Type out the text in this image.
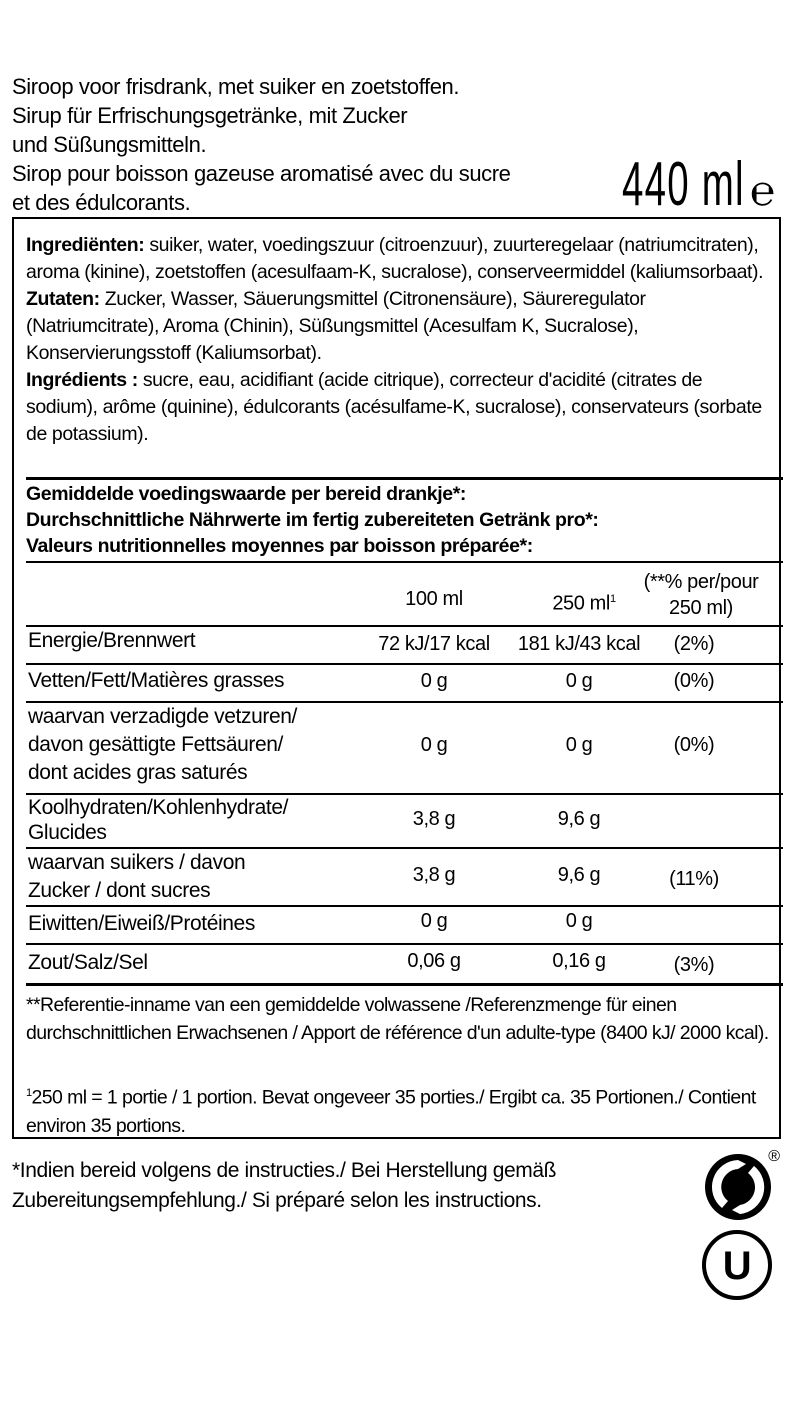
Siroop voor frisdrank, met suiker en zoetstoffen.
Sirup für Erfrischungsgetränke, mit Zucker
und Süßungsmitteln.
Sirop pour boisson gazeuse aromatisé avec du sucre
et des édulcorants.	440 ml ℮

Ingrediënten: suiker, water, voedingszuur (citroenzuur), zuurteregelaar (natriumcitraten), aroma (kinine), zoetstoffen (acesulfaam-K, sucralose), conserveermiddel (kaliumsorbaat).

Zutaten: Zucker, Wasser, Säuerungsmittel (Citronensäure), Säureregulator (Natriumcitrate), Aroma (Chinin), Süßungsmittel (Acesulfam K, Sucralose), Konservierungsstoff (Kaliumsorbat).

Ingrédients : sucre, eau, acidifiant (acide citrique), correcteur d'acidité (citrates de sodium), arôme (quinine), édulcorants (acésulfame-K, sucralose), conservateurs (sorbate de potassium).

Gemiddelde voedingswaarde per bereid drankje*:
Durchschnittliche Nährwerte im fertig zubereiteten Getränk pro*:
Valeurs nutritionnelles moyennes par boisson préparée*:
100 ml	250 $ml^1$
(**% per/pour
250 ml)
Energie/Brennwert	72 kJ/17 kcal	181 kJ/43 kcal	(2%)
Vetten/Fett/Matières grasses	0 g	0 g	(0%)
waarvan verzadigde vetzuren/
davon gesättigte Fettsäuren/
dont acides gras saturés
0 g	0 g	(0%)
Koolhydraten/Kohlenhydrate/
Glucides
3,8 g	9,6 g
waarvan suikers / davon
Zucker / dont sucres
3,8 g	9,6 g	(11%)
Eiwitten/Eiweiß/Protéines	0 g	0 g
Zout/Salz/Sel	0,06 g	0,16 g	(3%)
**Referentie-inname van een gemiddelde volwassene /Referenzmenge für einen durchschnittlichen Erwachsenen / Apport de référence d'un adulte-type (8400 kJ/ 2000 kcal).
$^1$250 ml = 1 portie / 1 portion. Bevat ongeveer 35 porties./ Ergibt ca. 35 Portionen./ Contient environ 35 portions.
*Indien bereid volgens de instructies./ Bei Herstellung gemäß
Zubereitungsempfehlung./ Si préparé selon les instructions.
®
U
